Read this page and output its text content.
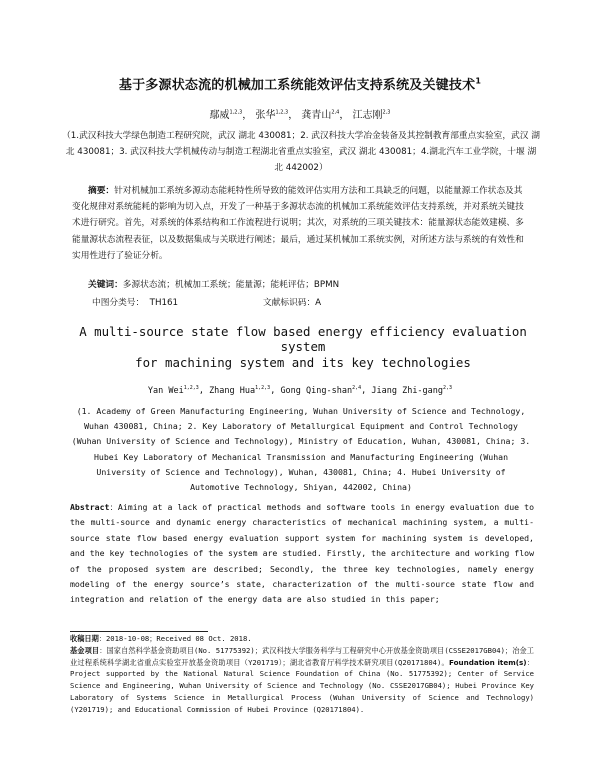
基于多源状态流的机械加工系统能效评估支持系统及关键技术$^1$
鄢威$^{1,2,3}$， 张华$^{1,2,3}$， 龚青山$^{2,4}$， 江志刚$^{2,3}$
（1.武汉科技大学绿色制造工程研究院，武汉 湖北 430081；2. 武汉科技大学冶金装备及其控制教育部重点实验室，武汉 湖北 430081；3. 武汉科技大学机械传动与制造工程湖北省重点实验室，武汉 湖北 430081；4.湖北汽车工业学院，十堰 湖北 442002）
摘要：针对机械加工系统多源动态能耗特性所导致的能效评估实用方法和工具缺乏的问题，以能量源工作状态及其变化规律对系统能耗的影响为切入点，开发了一种基于多源状态流的机械加工系统能效评估支持系统，并对系统关键技术进行研究。首先，对系统的体系结构和工作流程进行说明；其次，对系统的三项关键技术：能量源状态能效建模、多能量源状态流程表征，以及数据集成与关联进行阐述；最后，通过某机械加工系统实例，对所述方法与系统的有效性和实用性进行了验证分析。
关键词：多源状态流；机械加工系统；能量源；能耗评估；BPMN
中图分类号： TH161	文献标识码：A
A multi-source state flow based energy efficiency evaluation system
for machining system and its key technologies
Yan Wei$^{1,2,3}$, Zhang Hua$^{1,2,3}$, Gong Qing-shan$^{2,4}$, Jiang Zhi-gang$^{2,3}$
(1. Academy of Green Manufacturing Engineering, Wuhan University of Science and Technology, Wuhan 430081, China; 2. Key Laboratory of Metallurgical Equipment and Control Technology (Wuhan University of Science and Technology), Ministry of Education, Wuhan, 430081, China; 3. Hubei Key Laboratory of Mechanical Transmission and Manufacturing Engineering (Wuhan University of Science and Technology), Wuhan, 430081, China; 4. Hubei University of Automotive Technology, Shiyan, 442002, China)
Abstract：Aiming at a lack of practical methods and software tools in energy evaluation due to the multi-source and dynamic energy characteristics of mechanical machining system, a multi-source state flow based energy evaluation support system for machining system is developed, and the key technologies of the system are studied. Firstly, the architecture and working flow of the proposed system are described; Secondly, the three key technologies, namely energy modeling of the energy source’s state, characterization of the multi-source state flow and integration and relation of the energy data are also studied in this paper;
收稿日期：2018-10-08；Received 08 Oct. 2018.
基金项目：国家自然科学基金资助项目(No. 51775392)；武汉科技大学服务科学与工程研究中心开放基金资助项目(CSSE2017GB04)；冶金工业过程系统科学湖北省重点实验室开放基金资助项目（Y201719）；湖北省教育厅科学技术研究项目(Q20171804)。Foundation item(s)：Project supported by the National Natural Science Foundation of China (No. 51775392); Center of Service Science and Engineering, Wuhan University of Science and Technology (No. CSSE2017GB04); Hubei Province Key Laboratory of Systems Science in Metallurgical Process (Wuhan University of Science and Technology) (Y201719); and Educational Commission of Hubei Province (Q20171804).
